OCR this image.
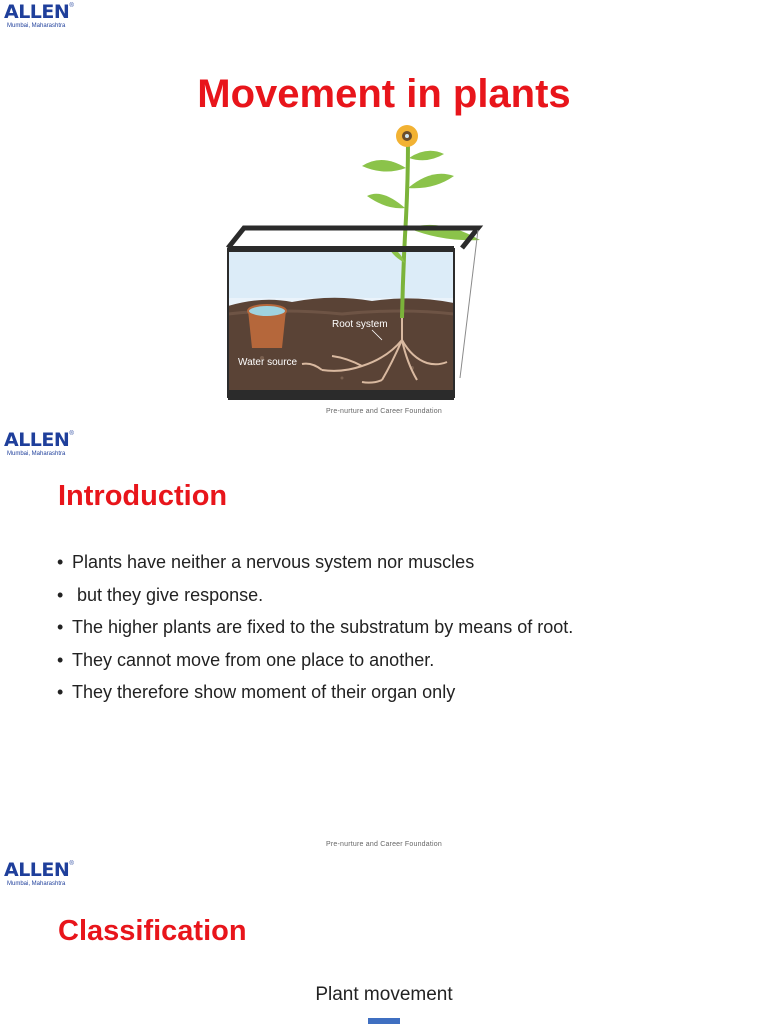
ALLEN®
Mumbai, Maharashtra
Movement in plants
Root system
Water source
Pre-nurture and Career Foundation
ALLEN®
Mumbai, Maharashtra
Introduction
• Plants have neither a nervous system nor muscles
• but they give response.
• The higher plants are fixed to the substratum by means of root.
• They cannot move from one place to another.
• They therefore show moment of their organ only
Pre-nurture and Career Foundation
ALLEN®
Mumbai, Maharashtra
Classification
Plant movement
